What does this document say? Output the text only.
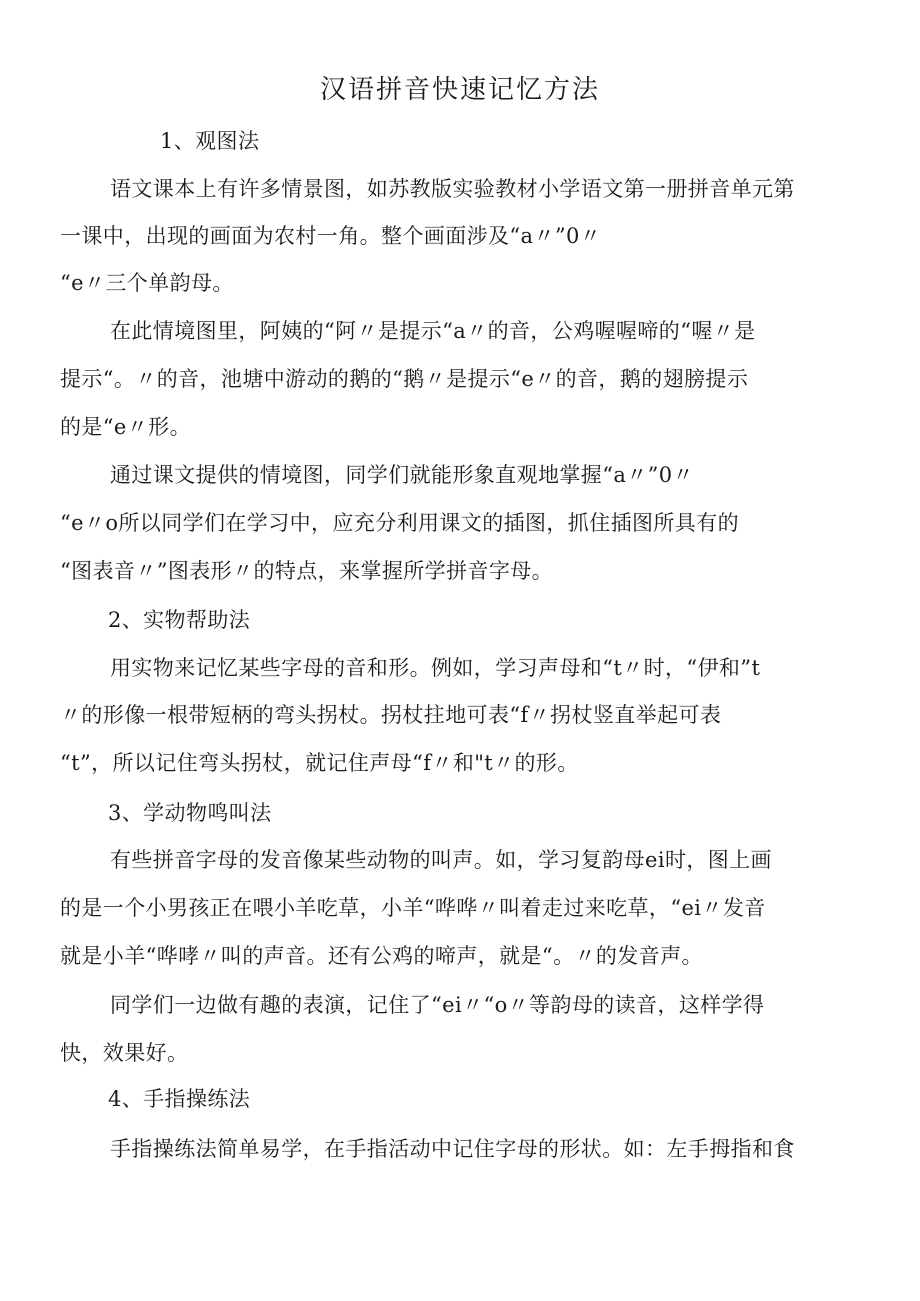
汉语拼音快速记忆方法
1、观图法
语文课本上有许多情景图，如苏教版实验教材小学语文第一册拼音单元第
一课中，出现的画面为农村一角。整个画面涉及“a〃”0〃
“e〃三个单韵母。
在此情境图里，阿姨的“阿〃是提示“a〃的音，公鸡喔喔啼的“喔〃是
提示“。〃的音，池塘中游动的鹅的“鹅〃是提示“e〃的音，鹅的翅膀提示
的是“e〃形。
通过课文提供的情境图，同学们就能形象直观地掌握“a〃”0〃
“e〃o所以同学们在学习中，应充分利用课文的插图，抓住插图所具有的
“图表音〃”图表形〃的特点，来掌握所学拼音字母。
2、实物帮助法
用实物来记忆某些字母的音和形。例如，学习声母和“t〃时，“伊和”t
〃的形像一根带短柄的弯头拐杖。拐杖拄地可表“f〃拐杖竖直举起可表
“t”，所以记住弯头拐杖，就记住声母“f〃和"t〃的形。
3、学动物鸣叫法
有些拼音字母的发音像某些动物的叫声。如，学习复韵母ei时，图上画
的是一个小男孩正在喂小羊吃草，小羊“哗哗〃叫着走过来吃草，“ei〃发音
就是小羊“哗哮〃叫的声音。还有公鸡的啼声，就是“。〃的发音声。
同学们一边做有趣的表演，记住了“ei〃“o〃等韵母的读音，这样学得
快，效果好。
4、手指操练法
手指操练法简单易学，在手指活动中记住字母的形状。如：左手拇指和食
